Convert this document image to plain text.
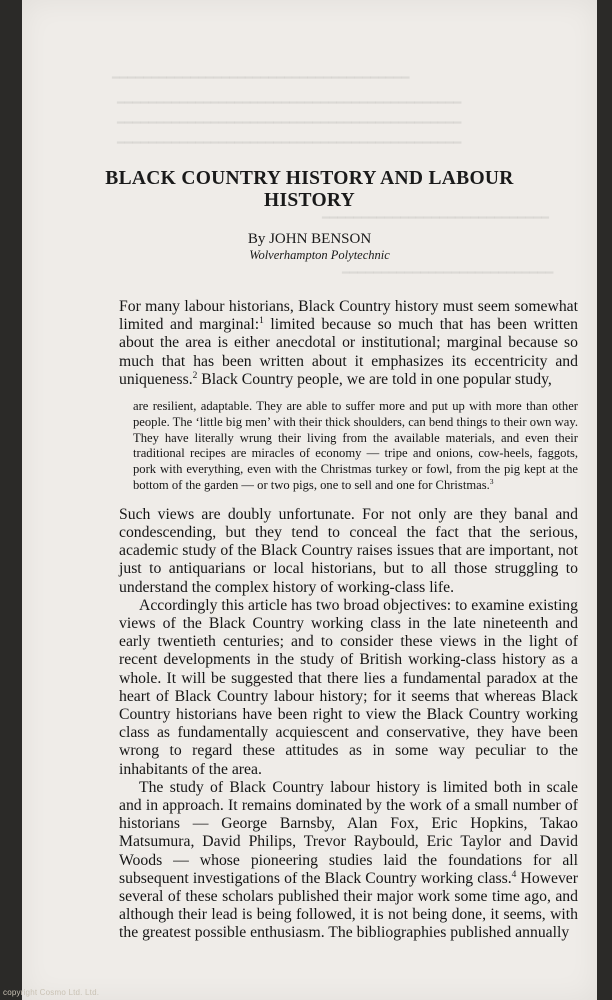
━━━━━━━━━━━━━━━━━━━━━━━━━━━━━━━━━━━━━━
━━━━━━━━━━━━━━━━━━━━━━━━━━━━━━━━━━━━━━━━━━━━
━━━━━━━━━━━━━━━━━━━━━━━━━━━━━━━━━━━━━━━━━━━━
━━━━━━━━━━━━━━━━━━━━━━━━━━━━━━━━━━━━━━━━━━━━
━━━━━━━━━━━━━━━━━━━━━━━━━━━━━
━━━━━━━━━━━━━━━━━━━━━━━━━━━
BLACK COUNTRY HISTORY AND LABOUR
HISTORY
By JOHN BENSON
Wolverhampton Polytechnic

For many labour historians, Black Country history must seem somewhat limited and marginal:$^1$ limited because so much that has been written about the area is either anecdotal or institutional; marginal because so much that has been written about it emphasizes its eccentricity and uniqueness.$^2$ Black Country people, we are told in one popular study,

are resilient, adaptable. They are able to suffer more and put up with more than other people. The ‘little big men’ with their thick shoulders, can bend things to their own way. They have literally wrung their living from the available materials, and even their traditional recipes are miracles of economy — tripe and onions, cow-heels, faggots, pork with everything, even with the Christmas turkey or fowl, from the pig kept at the bottom of the garden — or two pigs, one to sell and one for Christmas.$^3$

Such views are doubly unfortunate. For not only are they banal and condescending, but they tend to conceal the fact that the serious, academic study of the Black Country raises issues that are important, not just to antiquarians or local historians, but to all those struggling to understand the complex history of working-class life.

Accordingly this article has two broad objectives: to examine existing views of the Black Country working class in the late nineteenth and early twentieth centuries; and to consider these views in the light of recent developments in the study of British working-class history as a whole. It will be suggested that there lies a fundamental paradox at the heart of Black Country labour history; for it seems that whereas Black Country historians have been right to view the Black Country working class as fundamentally acquiescent and conservative, they have been wrong to regard these attitudes as in some way peculiar to the inhabitants of the area.

The study of Black Country labour history is limited both in scale and in approach. It remains dominated by the work of a small number of historians — George Barnsby, Alan Fox, Eric Hopkins, Takao Matsumura, David Philips, Trevor Raybould, Eric Taylor and David Woods — whose pioneering studies laid the foundations for all subsequent investigations of the Black Country working class.$^4$ However several of these scholars published their major work some time ago, and although their lead is being followed, it is not being done, it seems, with the greatest possible enthusiasm. The bibliographies published annually

copyright Cosmo Ltd. Ltd.
